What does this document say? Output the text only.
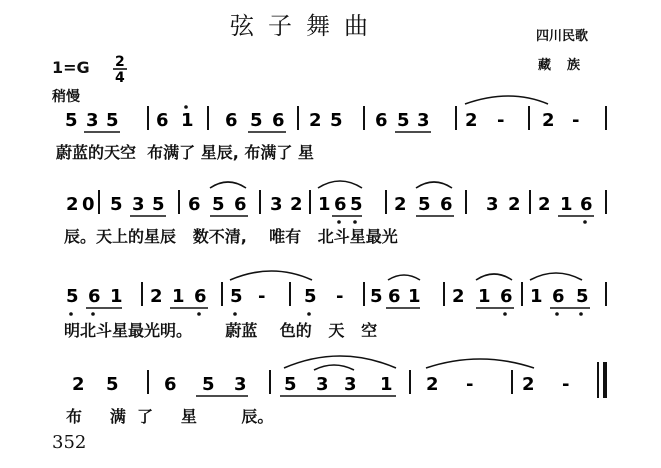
弦子舞曲	四川民歌
藏族
1=G
稍慢
2
4
5 3 5 6 1 6 5 6 2 5 6 5 3 2 - 2 -
2 0 5 3 5 6 5 6 3 2 1 6 5 2 5 6 3 2 2 1 6
5 6 1 2 1 6 5 - 5 - 5 6 1 2 1 6 1 6 5
2 5	6 5 3 5 3 3 1 2 -	2 -
蔚蓝的天空  布满了 星辰, 布满了 星
辰。天上的星辰   数不清,    唯有   北斗星最光
明北斗星最光明。      蔚蓝    色的   天   空
布     满  了     星        辰。
352
